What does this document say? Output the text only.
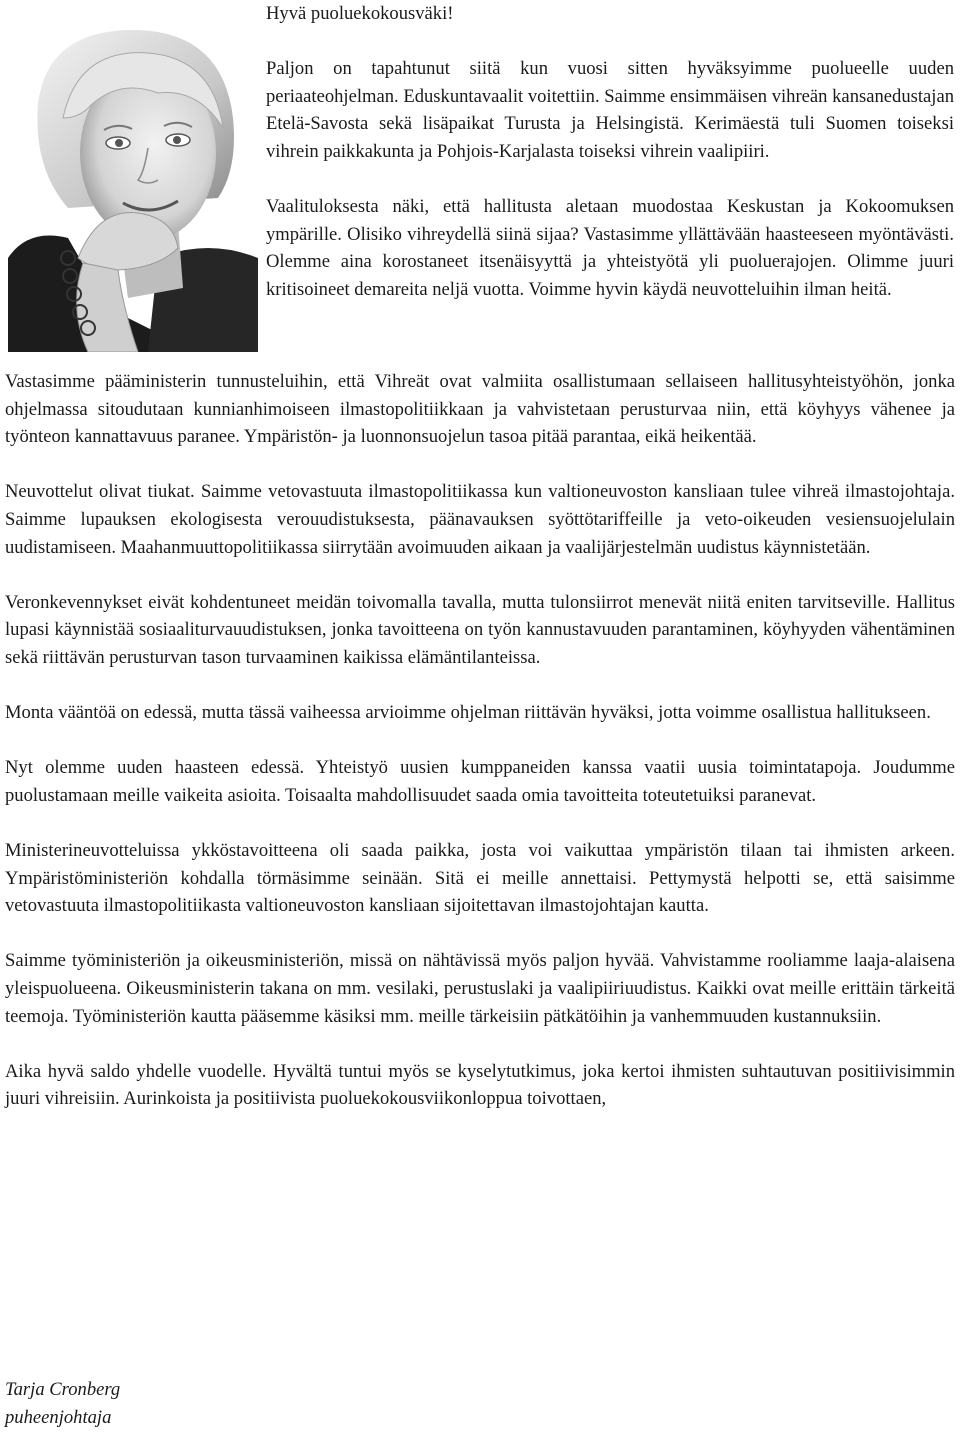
Hyvä puoluekokousväki!

Paljon on tapahtunut siitä kun vuosi sitten hyväksyimme puolueelle uuden periaateohjelman. Eduskuntavaalit voitettiin. Saimme ensimmäisen vihreän kansanedustajan Etelä-Savosta sekä lisäpaikat Turusta ja Helsingistä. Kerimäestä tuli Suomen toiseksi vihrein paikkakunta ja Pohjois-Karjalasta toiseksi vihrein vaalipiiri.

Vaalituloksesta näki, että hallitusta aletaan muodostaa Keskustan ja Kokoomuksen ympärille. Olisiko vihreydellä siinä sijaa? Vastasimme yllättävään haasteeseen myöntävästi. Olemme aina korostaneet itsenäisyyttä ja yhteistyötä yli puoluerajojen. Olimme juuri kritisoineet demareita neljä vuotta. Voimme hyvin käydä neuvotteluihin ilman heitä.

Vastasimme pääministerin tunnusteluihin, että Vihreät ovat valmiita osallistumaan sellaiseen hallitusyhteistyöhön, jonka ohjelmassa sitoudutaan kunnianhimoiseen ilmastopolitiikkaan ja vahvistetaan perusturvaa niin, että köyhyys vähenee ja työnteon kannattavuus paranee. Ympäristön- ja luonnonsuojelun tasoa pitää parantaa, eikä heikentää.

Neuvottelut olivat tiukat. Saimme vetovastuuta ilmastopolitiikassa kun valtioneuvoston kansliaan tulee vihreä ilmastojohtaja. Saimme lupauksen ekologisesta verouudistuksesta, päänavauksen syöttötariffeille ja veto-oikeuden vesiensuojelulain uudistamiseen. Maahanmuuttopolitiikassa siirrytään avoimuuden aikaan ja vaalijärjestelmän uudistus käynnistetään.

Veronkevennykset eivät kohdentuneet meidän toivomalla tavalla, mutta tulonsiirrot menevät niitä eniten tarvitseville. Hallitus lupasi käynnistää sosiaaliturvauudistuksen, jonka tavoitteena on työn kannustavuuden parantaminen, köyhyyden vähentäminen sekä riittävän perusturvan tason turvaaminen kaikissa elämäntilanteissa.

Monta vääntöä on edessä, mutta tässä vaiheessa arvioimme ohjelman riittävän hyväksi, jotta voimme osallistua hallitukseen.

Nyt olemme uuden haasteen edessä. Yhteistyö uusien kumppaneiden kanssa vaatii uusia toimintatapoja. Joudumme puolustamaan meille vaikeita asioita. Toisaalta mahdollisuudet saada omia tavoitteita toteutetuiksi paranevat.

Ministerineuvotteluissa ykköstavoitteena oli saada paikka, josta voi vaikuttaa ympäristön tilaan tai ihmisten arkeen. Ympäristöministeriön kohdalla törmäsimme seinään. Sitä ei meille annettaisi. Pettymystä helpotti se, että saisimme vetovastuuta ilmastopolitiikasta valtioneuvoston kansliaan sijoitettavan ilmastojohtajan kautta.

Saimme työministeriön ja oikeusministeriön, missä on nähtävissä myös paljon hyvää. Vahvistamme rooliamme laaja-alaisena yleispuolueena. Oikeusministerin takana on mm. vesilaki, perustuslaki ja vaalipiiriuudistus. Kaikki ovat meille erittäin tärkeitä teemoja. Työministeriön kautta pääsemme käsiksi mm. meille tärkeisiin pätkätöihin ja vanhemmuuden kustannuksiin.

Aika hyvä saldo yhdelle vuodelle. Hyvältä tuntui myös se kyselytutkimus, joka kertoi ihmisten suhtautuvan positiivisimmin juuri vihreisiin. Aurinkoista ja positiivista puoluekokousviikonloppua toivottaen,

Tarja Cronberg
puheenjohtaja
